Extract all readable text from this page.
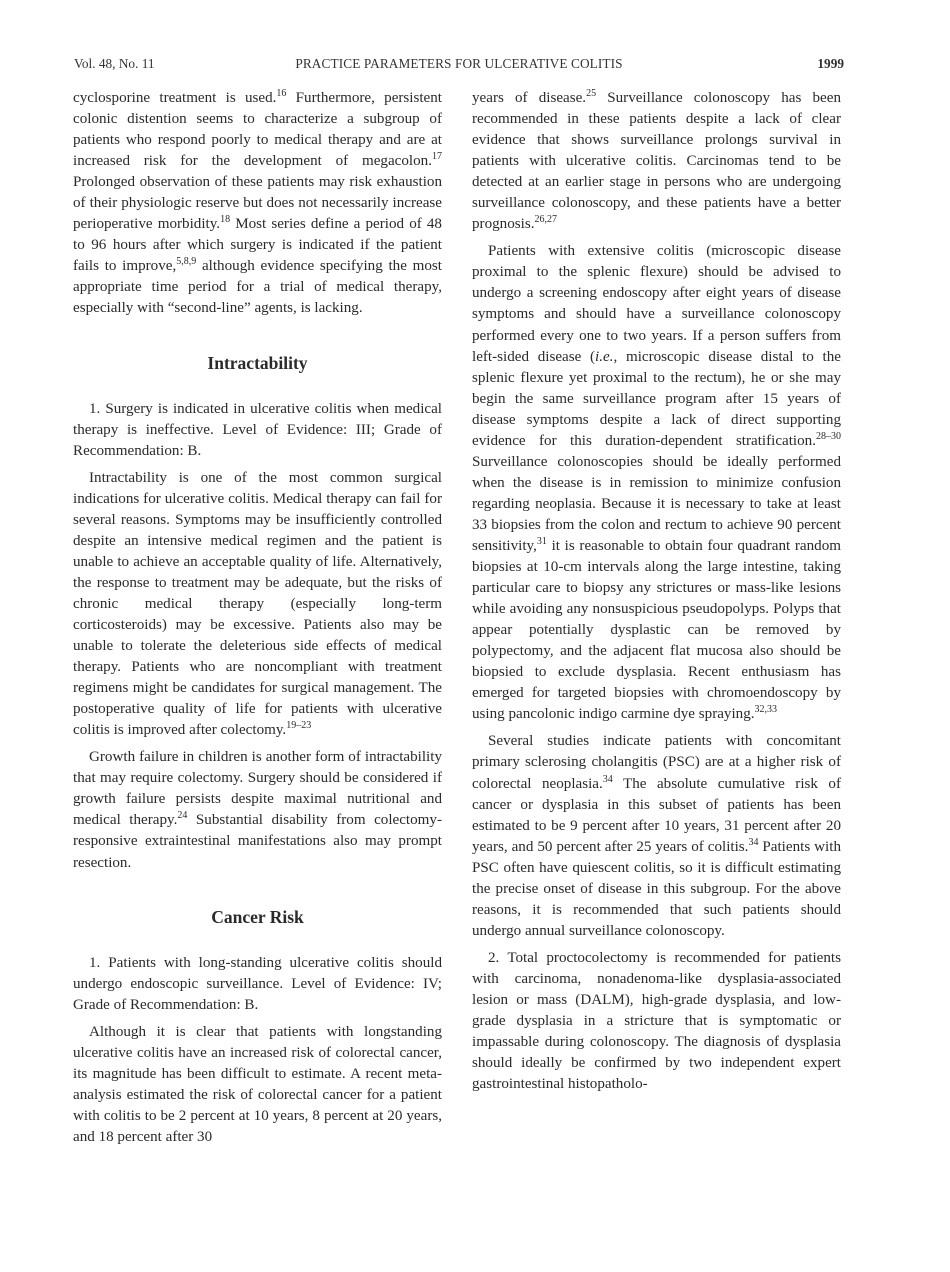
Vol. 48, No. 11	PRACTICE PARAMETERS FOR ULCERATIVE COLITIS	1999

cyclosporine treatment is used.$^{16}$ Furthermore, persistent colonic distention seems to characterize a subgroup of patients who respond poorly to medical therapy and are at increased risk for the development of megacolon.$^{17}$ Prolonged observation of these patients may risk exhaustion of their physiologic reserve but does not necessarily increase perioperative morbidity.$^{18}$ Most series define a period of 48 to 96 hours after which surgery is indicated if the patient fails to improve,$^{5,8,9}$ although evidence specifying the most appropriate time period for a trial of medical therapy, especially with “second-line” agents, is lacking.

Intractability

1. Surgery is indicated in ulcerative colitis when medical therapy is ineffective. Level of Evidence: III; Grade of Recommendation: B.

Intractability is one of the most common surgical indications for ulcerative colitis. Medical therapy can fail for several reasons. Symptoms may be insufficiently controlled despite an intensive medical regimen and the patient is unable to achieve an acceptable quality of life. Alternatively, the response to treatment may be adequate, but the risks of chronic medical therapy (especially long-term corticosteroids) may be excessive. Patients also may be unable to tolerate the deleterious side effects of medical therapy. Patients who are noncompliant with treatment regimens might be candidates for surgical management. The postoperative quality of life for patients with ulcerative colitis is improved after colectomy.$^{19-23}$

Growth failure in children is another form of intractability that may require colectomy. Surgery should be considered if growth failure persists despite maximal nutritional and medical therapy.$^{24}$ Substantial disability from colectomy-responsive extraintestinal manifestations also may prompt resection.

Cancer Risk

1. Patients with long-standing ulcerative colitis should undergo endoscopic surveillance. Level of Evidence: IV; Grade of Recommendation: B.

Although it is clear that patients with longstanding ulcerative colitis have an increased risk of colorectal cancer, its magnitude has been difficult to estimate. A recent meta-analysis estimated the risk of colorectal cancer for a patient with colitis to be 2 percent at 10 years, 8 percent at 20 years, and 18 percent after 30

years of disease.$^{25}$ Surveillance colonoscopy has been recommended in these patients despite a lack of clear evidence that shows surveillance prolongs survival in patients with ulcerative colitis. Carcinomas tend to be detected at an earlier stage in persons who are undergoing surveillance colonoscopy, and these patients have a better prognosis.$^{26,27}$

Patients with extensive colitis (microscopic disease proximal to the splenic flexure) should be advised to undergo a screening endoscopy after eight years of disease symptoms and should have a surveillance colonoscopy performed every one to two years. If a person suffers from left-sided disease (i.e., microscopic disease distal to the splenic flexure yet proximal to the rectum), he or she may begin the same surveillance program after 15 years of disease symptoms despite a lack of direct supporting evidence for this duration-dependent stratification.$^{28-30}$ Surveillance colonoscopies should be ideally performed when the disease is in remission to minimize confusion regarding neoplasia. Because it is necessary to take at least 33 biopsies from the colon and rectum to achieve 90 percent sensitivity,$^{31}$ it is reasonable to obtain four quadrant random biopsies at 10-cm intervals along the large intestine, taking particular care to biopsy any strictures or mass-like lesions while avoiding any nonsuspicious pseudopolyps. Polyps that appear potentially dysplastic can be removed by polypectomy, and the adjacent flat mucosa also should be biopsied to exclude dysplasia. Recent enthusiasm has emerged for targeted biopsies with chromoendoscopy by using pancolonic indigo carmine dye spraying.$^{32,33}$

Several studies indicate patients with concomitant primary sclerosing cholangitis (PSC) are at a higher risk of colorectal neoplasia.$^{34}$ The absolute cumulative risk of cancer or dysplasia in this subset of patients has been estimated to be 9 percent after 10 years, 31 percent after 20 years, and 50 percent after 25 years of colitis.$^{34}$ Patients with PSC often have quiescent colitis, so it is difficult estimating the precise onset of disease in this subgroup. For the above reasons, it is recommended that such patients should undergo annual surveillance colonoscopy.

2. Total proctocolectomy is recommended for patients with carcinoma, nonadenoma-like dysplasia-associated lesion or mass (DALM), high-grade dysplasia, and low-grade dysplasia in a stricture that is symptomatic or impassable during colonoscopy. The diagnosis of dysplasia should ideally be confirmed by two independent expert gastrointestinal histopatholo-
